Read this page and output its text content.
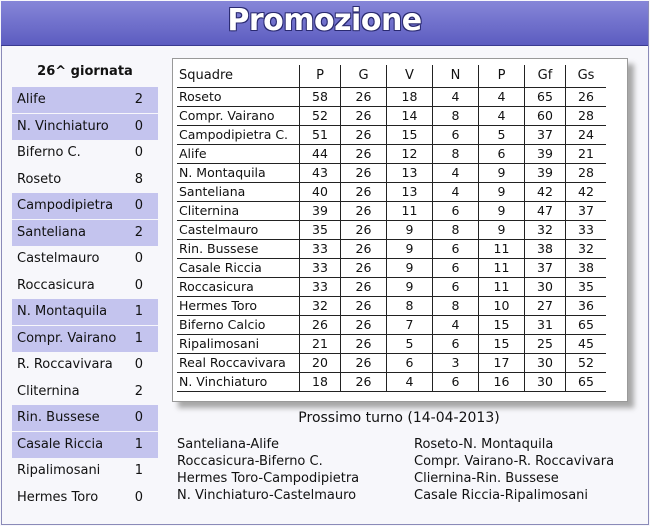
Promozione
26^ giornata
Alife	2
N. Vinchiaturo 0
Biferno C.	0
Roseto	8
Campodipietra 0
Santeliana	2
Castelmauro	0
Roccasicura	0
N. Montaquila 1
Compr. Vairano 1
R. Roccavivara 0
Cliternina	2
Rin. Bussese	0
Casale Riccia 1
Ripalimosani	1
Hermes Toro	0
Squadre	P	G	V	N	P	Gf	Gs
Roseto	58	26	18	4	4	65	26
Compr. Vairano	52	26	14	8	4	60	28
Campodipietra C.	51	26	15	6	5	37	24
Alife	44	26	12	8	6	39	21
N. Montaquila	43	26	13	4	9	39	28
Santeliana	40	26	13	4	9	42	42
Cliternina	39	26	11	6	9	47	37
Castelmauro	35	26	9	8	9	32	33
Rin. Bussese	33	26	9	6	11	38	32
Casale Riccia	33	26	9	6	11	37	38
Roccasicura	33	26	9	6	11	30	35
Hermes Toro	32	26	8	8	10	27	36
Biferno Calcio	26	26	7	4	15	31	65
Ripalimosani	21	26	5	6	15	25	45
Real Roccavivara	20	26	6	3	17	30	52
N. Vinchiaturo	18	26	4	6	16	30	65
Prossimo turno (14-04-2013)
Santeliana-Alife
Roccasicura-Biferno C.
Hermes Toro-Campodipietra
N. Vinchiaturo-Castelmauro
Roseto-N. Montaquila
Compr. Vairano-R. Roccavivara
Cliernina-Rin. Bussese
Casale Riccia-Ripalimosani
